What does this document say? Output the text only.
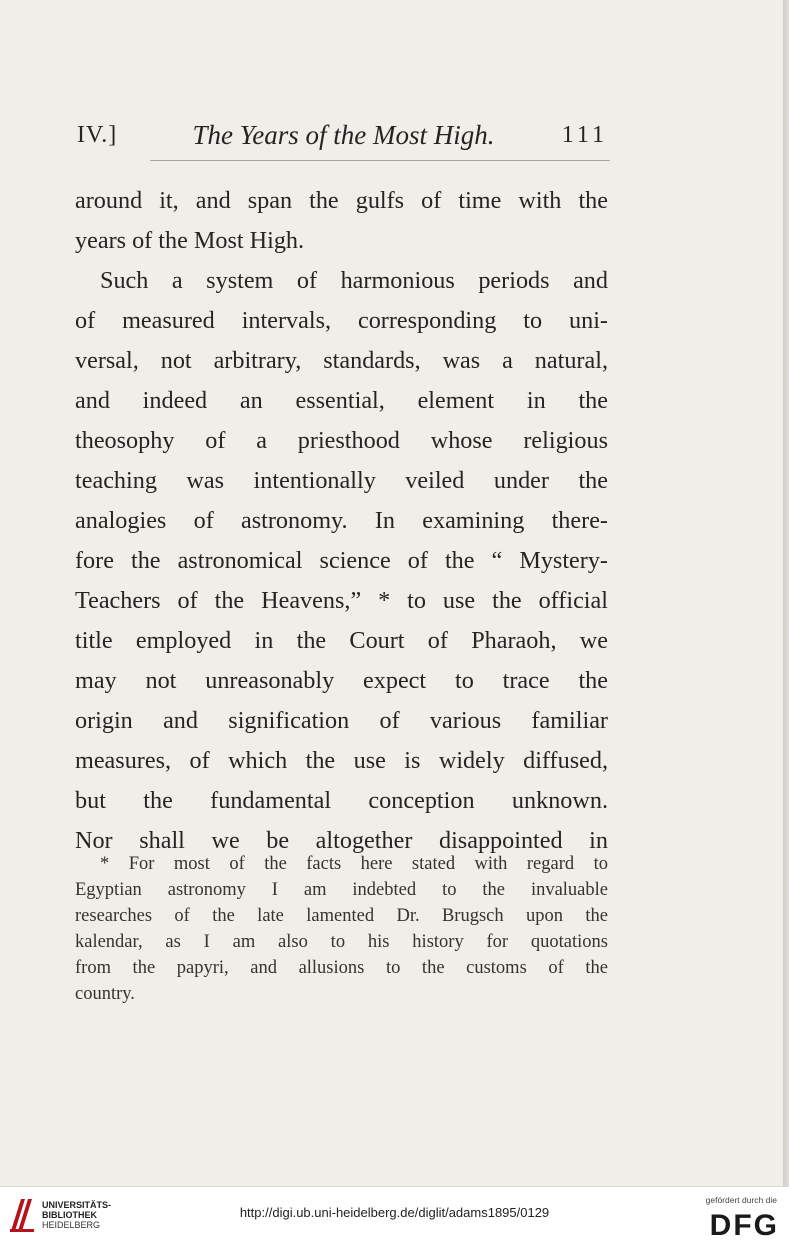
IV.]	The Years of the Most High.	111
around it, and span the gulfs of time with the
years of the Most High.
Such a system of harmonious periods and
of measured intervals, corresponding to uni-
versal, not arbitrary, standards, was a natural,
and indeed an essential, element in the
theosophy of a priesthood whose religious
teaching was intentionally veiled under the
analogies of astronomy. In examining there-
fore the astronomical science of the “ Mystery-
Teachers of the Heavens,” * to use the official
title employed in the Court of Pharaoh, we
may not unreasonably expect to trace the
origin and signification of various familiar
measures, of which the use is widely diffused,
but the fundamental conception unknown.
Nor shall we be altogether disappointed in
* For most of the facts here stated with regard to
Egyptian astronomy I am indebted to the invaluable
researches of the late lamented Dr. Brugsch upon the
kalendar, as I am also to his history for quotations
from the papyri, and allusions to the customs of the
country.
UNIVERSITÄTS-
BIBLIOTHEK
HEIDELBERG
http://digi.ub.uni-heidelberg.de/diglit/adams1895/0129
gefördert durch die
DFG
